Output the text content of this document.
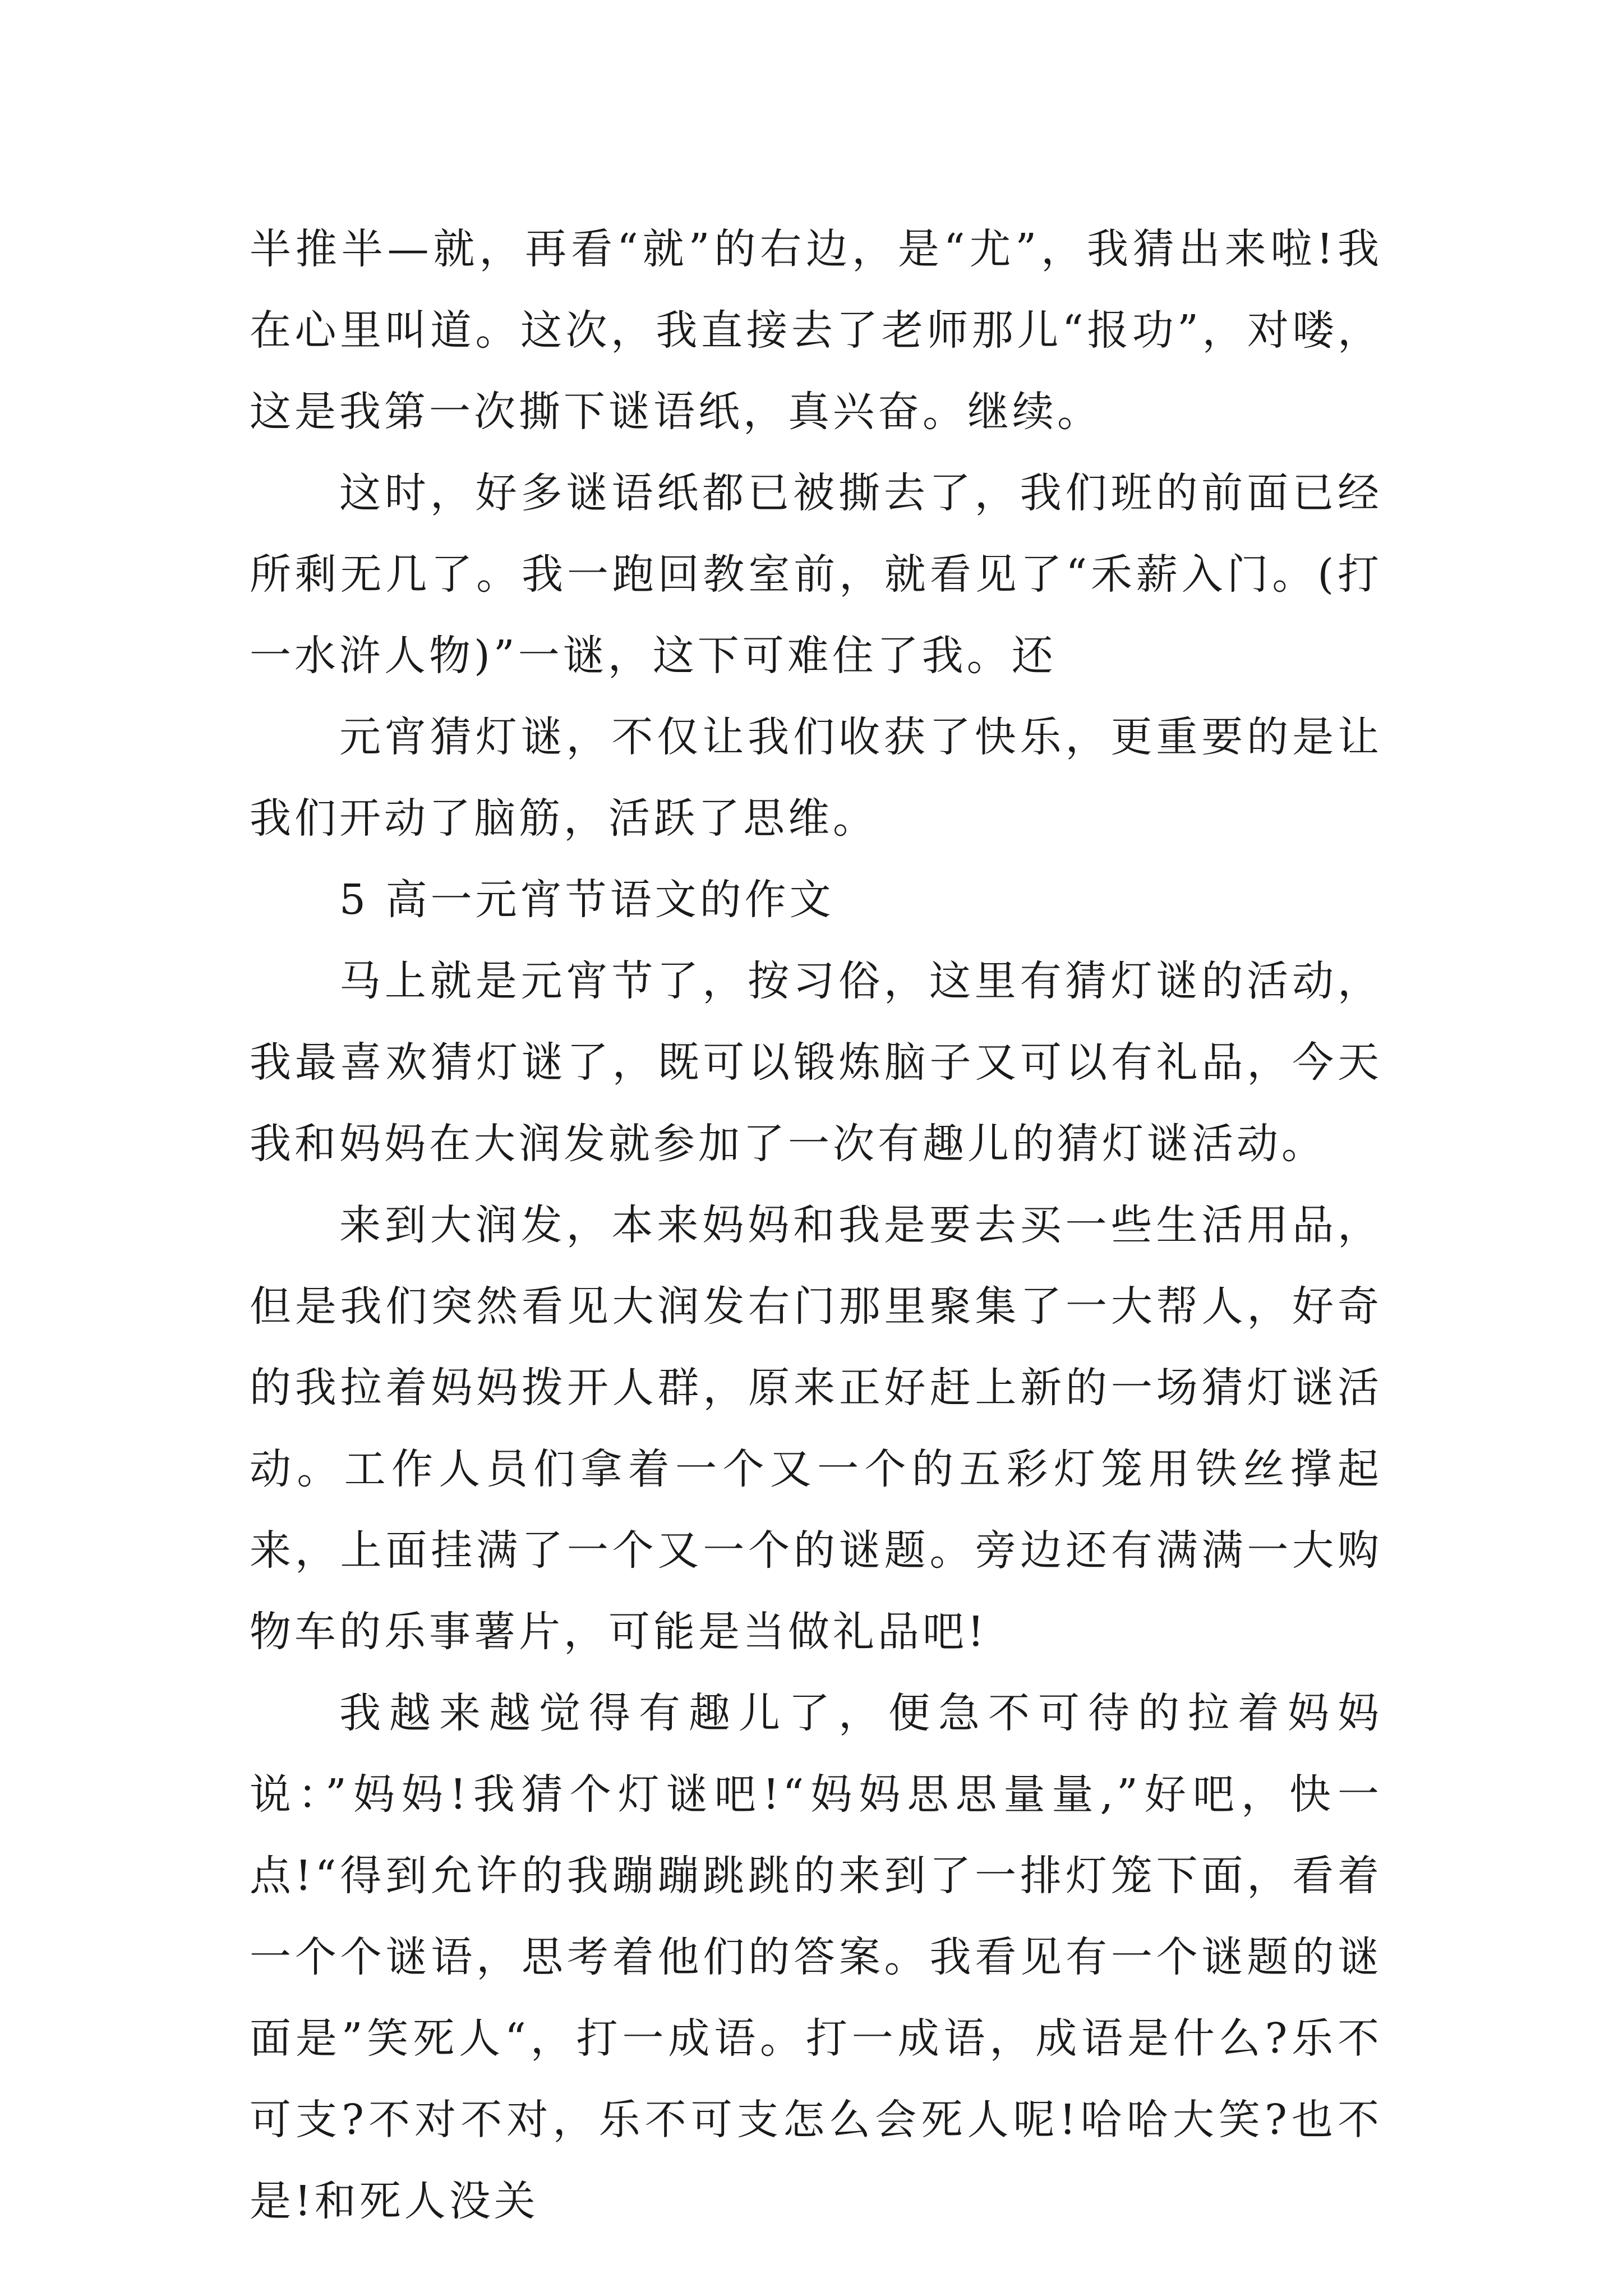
半推半—就，再看“就”的右边，是“尤”，我猜出来啦!我在心里叫道。这次，我直接去了老师那儿“报功”，对喽，这是我第一次撕下谜语纸，真兴奋。继续。

这时，好多谜语纸都已被撕去了，我们班的前面已经所剩无几了。我一跑回教室前，就看见了“禾薪入门。(打一水浒人物)”一谜，这下可难住了我。还

元宵猜灯谜，不仅让我们收获了快乐，更重要的是让我们开动了脑筋，活跃了思维。

5 高一元宵节语文的作文

马上就是元宵节了，按习俗，这里有猜灯谜的活动，我最喜欢猜灯谜了，既可以锻炼脑子又可以有礼品，今天我和妈妈在大润发就参加了一次有趣儿的猜灯谜活动。

来到大润发，本来妈妈和我是要去买一些生活用品，但是我们突然看见大润发右门那里聚集了一大帮人，好奇的我拉着妈妈拨开人群，原来正好赶上新的一场猜灯谜活动。工作人员们拿着一个又一个的五彩灯笼用铁丝撑起来，上面挂满了一个又一个的谜题。旁边还有满满一大购物车的乐事薯片，可能是当做礼品吧!

我越来越觉得有趣儿了，便急不可待的拉着妈妈说：”妈妈!我猜个灯谜吧!“妈妈思思量量,”好吧，快一点!“得到允许的我蹦蹦跳跳的来到了一排灯笼下面，看着一个个谜语，思考着他们的答案。我看见有一个谜题的谜面是”笑死人“，打一成语。打一成语，成语是什么?乐不可支?不对不对，乐不可支怎么会死人呢!哈哈大笑?也不是!和死人没关
